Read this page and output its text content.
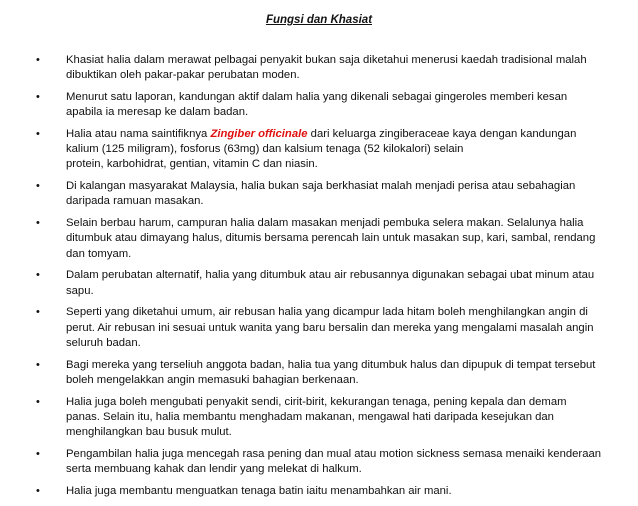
Fungsi dan Khasiat
• Khasiat halia dalam merawat pelbagai penyakit bukan saja diketahui menerusi kaedah tradisional malah
dibuktikan oleh pakar-pakar perubatan moden.
• Menurut satu laporan, kandungan aktif dalam halia yang dikenali sebagai gingeroles memberi kesan
apabila ia meresap ke dalam badan.
• Halia atau nama saintifiknya Zingiber officinale dari keluarga zingiberaceae kaya dengan kandungan
kalium (125 miligram), fosforus (63mg) dan kalsium tenaga (52 kilokalori) selain
protein, karbohidrat, gentian, vitamin C dan niasin.
• Di kalangan masyarakat Malaysia, halia bukan saja berkhasiat malah menjadi perisa atau sebahagian
daripada ramuan masakan.
• Selain berbau harum, campuran halia dalam masakan menjadi pembuka selera makan. Selalunya halia
ditumbuk atau dimayang halus, ditumis bersama perencah lain untuk masakan sup, kari, sambal, rendang
dan tomyam.
• Dalam perubatan alternatif, halia yang ditumbuk atau air rebusannya digunakan sebagai ubat minum atau
sapu.
• Seperti yang diketahui umum, air rebusan halia yang dicampur lada hitam boleh menghilangkan angin di
perut. Air rebusan ini sesuai untuk wanita yang baru bersalin dan mereka yang mengalami masalah angin
seluruh badan.
• Bagi mereka yang terseliuh anggota badan, halia tua yang ditumbuk halus dan dipupuk di tempat tersebut
boleh mengelakkan angin memasuki bahagian berkenaan.
• Halia juga boleh mengubati penyakit sendi, cirit-birit, kekurangan tenaga, pening kepala dan demam
panas. Selain itu, halia membantu menghadam makanan, mengawal hati daripada kesejukan dan
menghilangkan bau busuk mulut.
• Pengambilan halia juga mencegah rasa pening dan mual atau motion sickness semasa menaiki kenderaan
serta membuang kahak dan lendir yang melekat di halkum.
• Halia juga membantu menguatkan tenaga batin iaitu menambahkan air mani.
